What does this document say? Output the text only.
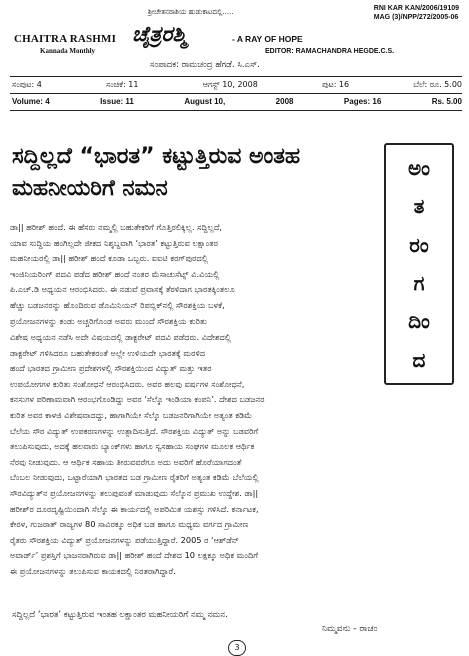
RNI KAR KAN/2006/19109
MAG (3)/NPP/272/2005-06
ಶ್ರೀಚೇತನರಾಶಿಯ ಹುಡುಕಾಟದಲ್ಲಿ.....
CHAITRA RASHMI
Kannada Monthly
ಚೈತ್ರರಶ್ಮಿ	- A RAY OF HOPE
EDITOR: RAMACHANDRA HEGDE.C.S.
ಸಂಪಾದಕ: ರಾಮಚಂದ್ರ ಹೆಗಡೆ. ಸಿ.ಎಸ್.
ಸಂಪುಟ: 4	ಸಂಚಿಕೆ: 11	ಆಗಸ್ಟ್ 10, 2008	ಪುಟ: 16	ಬೆಲೆ: ರೂ. 5.00
Volume: 4	Issue: 11	August 10,	2008	Pages: 16	Rs. 5.00
ಸದ್ದಿಲ್ಲದೆ “ಭಾರತ” ಕಟ್ಟುತ್ತಿರುವ ಅಂತಹ
ಮಹನೀಯರಿಗೆ ನಮನ
ಅಂ
ತ
ರಂ
ಗ
ದಿಂ
ದ
ಡಾ|| ಹರೀಶ್ ಹಂದೆ. ಈ ಹೆಸರು ನಮ್ಮಲ್ಲಿ ಬಹುತೇಕರಿಗೆ ಗೊತ್ತಿರಲಿಕ್ಕಿಲ್ಲ. ಸದ್ದಿಲ್ಲದೆ,
ಯಾವ ಸುದ್ದಿಯ ಹಂಗಿಲ್ಲದೇ ಜೀಕದ ನಿಶ್ಶಬ್ದವಾಗಿ ‘ಭಾರತ’ ಕಟ್ಟುತ್ತಿರುವ ಲಕ್ಷಾಂತರ
ಮಹನೀಯರಲ್ಲಿ ಡಾ|| ಹರೀಶ್ ಹಂದೆ ಕೂಡಾ ಒಬ್ಬರು. ಐಐಟಿ ಕರಗ್‌ಪುರದಲ್ಲಿ
ಇಂಜಿನಿಯರಿಂಗ್ ಪದವಿ ಪಡೆದ ಹರೀಶ್ ಹಂದೆ ನಂತರ ಮೆಸಾಚುಸೆಟ್ಸ್ ವಿ.ವಿಯಲ್ಲಿ
ಪಿ.ಎಚ್.ಡಿ ಅಧ್ಯಯನ ಆರಂಭಿಸಿದರು. ಈ ನಡುವೆ ಪ್ರವಾಸಕ್ಕೆ ತೆರಳಿದಾಗ ಭಾರತಕ್ಕಿಂತಲೂ
ಹೆಚ್ಚು ಬಡಜನರನ್ನು ಹೊಂದಿರುವ ಡೊಮಿನಿಯನ್ ರಿಪಬ್ಲಿಕ್‌ನಲ್ಲಿ ಸೌರಶಕ್ತಿಯ ಬಳಕೆ,
ಪ್ರಯೋಜನಗಳನ್ನು ಕಂಡು ಅಚ್ಚರಿಗೊಂಡ ಅವರು ಮುಂದೆ ಸೌರಶಕ್ತಿಯ ಕುರಿತು
ವಿಶೇಷ ಅಧ್ಯಯನ ನಡೆಸಿ ಅದೇ ವಿಷಯದಲ್ಲಿ ಡಾಕ್ಟರೇಟ್ ಪದವಿ ಪಡೆದರು. ವಿದೇಶದಲ್ಲಿ
ಡಾಕ್ಟರೇಟ್ ಗಳಿಸಿದರೂ ಬಹುತೇಕರಂತೆ ಅಲ್ಲೇ ಉಳಿಯದೇ ಭಾರತಕ್ಕೆ ಮರಳಿದ
ಹಂದೆ ಭಾರತದ ಗ್ರಾಮೀಣ ಪ್ರದೇಶಗಳಲ್ಲಿ ಸೌರಶಕ್ತಿಯಿಂದ ವಿದ್ಯುತ್ ಮತ್ತು ಇತರ
ಉಪಯೋಗಗಳ ಕುರಿತು ಸಂಶೋಧನೆ ಆರಂಭಿಸಿದರು. ಅವರ ಹಲವು ವರ್ಷಗಳ ಸಂಶೋಧನೆ,
ಕನಸುಗಳ ಪರಿಣಾಮವಾಗಿ ಆರಂಭಗೊಂಡಿದ್ದು ಅವರ ‘ಸೆಲ್ಕೊ ಇಂಡಿಯಾ ಕಂಪನಿ’. ದೇಶದ ಬಡಜನರ
ಕುರಿತ ಅವರ ಕಾಳಜಿ ವಿಶೇಷವಾದದ್ದು, ಹಾಗಾಗಿಯೇ ಸೆಲ್ಕೊ ಬಡಜನರಿಗಾಗಿಯೇ ಅತ್ಯಂತ ಕಡಿಮೆ
ಬೆಲೆಯ ಸೌರ ವಿದ್ಯುತ್ ಉಪಕರಣಗಳನ್ನು ಉತ್ಪಾದಿಸುತ್ತಿದೆ. ಸೌರಶಕ್ತಿಯ ವಿದ್ಯುತ್ ಅನ್ನು ಬಡವರಿಗೆ
ತಲುಪಿಸುವುದು, ಅದಕ್ಕೆ ಹಲವಾರು ಬ್ಯಾಂಕ್‌ಗಳು ಹಾಗೂ ಸ್ವಸಹಾಯ ಸಂಘಗಳ ಮೂಲಕ ಆರ್ಥಿಕ
ನೆರವು ನೀಡುವುದು. ಆ ಆರ್ಥಿಕ ಸಹಾಯ ತೀರುವವರೆಗೂ ಅದು ಅವರಿಗೆ ಹೊರೆಯಾಗದಂತೆ
ಬೆಂಬಲ ನೀಡುವುದು, ಒಟ್ಟಾರೆಯಾಗಿ ಭಾರತದ ಬಡ ಗ್ರಾಮೀಣ ರೈತರಿಗೆ ಅತ್ಯಂತ ಕಡಿಮೆ ಬೆಲೆಯಲ್ಲಿ
ಸೌರವಿದ್ಯುತ್‌ನ ಪ್ರಯೋಜನಗಳನ್ನು ತಲುಪುವಂತೆ ಮಾಡುವುದು ಸೆಲ್ಕೊನ ಪ್ರಮುಖ ಉದ್ದೇಶ. ಡಾ||
ಹರೀಶ್‌ರ ದೂರದೃಷ್ಟಿಯಿಂದಾಗಿ ಸೆಲ್ಕೊ ಈ ಕಾರ್ಯದಲ್ಲಿ ಅಪರಿಮಿತ ಯಶಸ್ಸು ಗಳಿಸಿದೆ. ಕರ್ನಾಟಕ,
ಕೇರಳ, ಗುಜರಾತ್ ರಾಜ್ಯಗಳ 80 ಸಾವಿರಕ್ಕೂ ಅಧಿಕ ಬಡ ಹಾಗೂ ಮಧ್ಯಮ ವರ್ಗದ ಗ್ರಾಮೀಣ
ರೈತರು ಸೌರಶಕ್ತಿಯ ವಿದ್ಯುತ್ ಪ್ರಯೋಜನಗಳನ್ನು ಪಡೆಯುತ್ತಿದ್ದಾರೆ. 2005 ರ ‘ಆಶ್‌ಡೆನ್
ಅವಾರ್ಡ್’ ಪ್ರಶಸ್ತಿಗೆ ಭಾಜನರಾಗಿರುವ ಡಾ|| ಹರೀಶ್ ಹಂದೆ ದೇಶದ 10 ಲಕ್ಷಕ್ಕೂ ಅಧಿಕ ಮಂದಿಗೆ
ಈ ಪ್ರಯೋಜನಗಳನ್ನು ತಲುಪಿಸುವ ಕಾಯಕದಲ್ಲಿ ನಿರತರಾಗಿದ್ದಾರೆ.
ಸದ್ದಿಲ್ಲದೆ ‘ಭಾರತ’ ಕಟ್ಟುತ್ತಿರುವ ಇಂತಹ ಲಕ್ಷಾಂತರ ಮಹನೀಯರಿಗೆ ನಮ್ಮ ನಮನ.
ನಿಮ್ಮವನು - ರಾಚಂ
3
